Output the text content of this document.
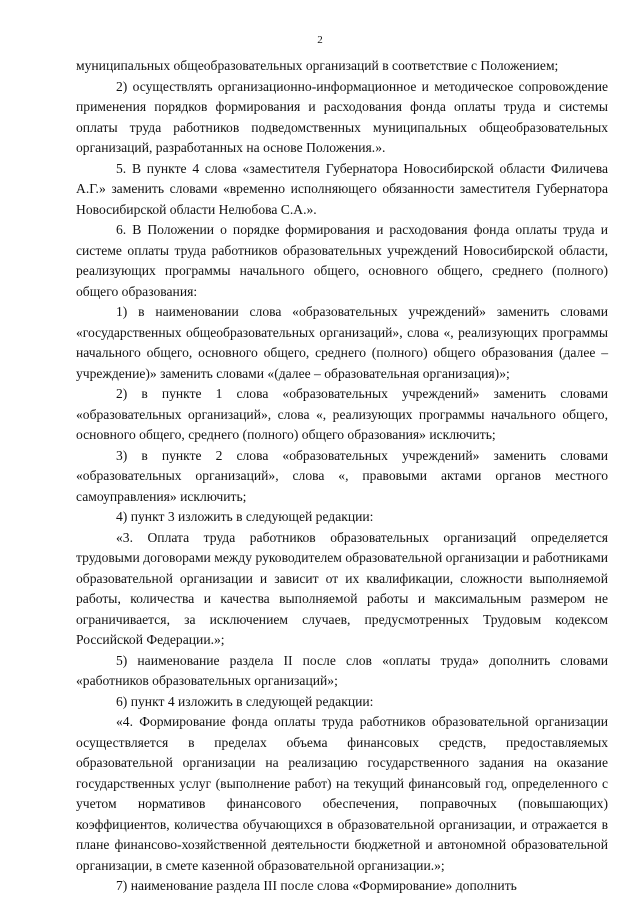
2

муниципальных общеобразовательных организаций в соответствие с Положением;

2) осуществлять организационно-информационное и методическое сопровождение применения порядков формирования и расходования фонда оплаты труда и системы оплаты труда работников подведомственных муниципальных общеобразовательных организаций, разработанных на основе Положения.».

5. В пункте 4 слова «заместителя Губернатора Новосибирской области Филичева А.Г.» заменить словами «временно исполняющего обязанности заместителя Губернатора Новосибирской области Нелюбова С.А.».

6. В Положении о порядке формирования и расходования фонда оплаты труда и системе оплаты труда работников образовательных учреждений Новосибирской области, реализующих программы начального общего, основного общего, среднего (полного) общего образования:

1) в наименовании слова «образовательных учреждений» заменить словами «государственных общеобразовательных организаций», слова «, реализующих программы начального общего, основного общего, среднего (полного) общего образования (далее – учреждение)» заменить словами «(далее – образовательная организация)»;

2) в пункте 1 слова «образовательных учреждений» заменить словами «образовательных организаций», слова «, реализующих программы начального общего, основного общего, среднего (полного) общего образования» исключить;

3) в пункте 2 слова «образовательных учреждений» заменить словами «образовательных организаций», слова «, правовыми актами органов местного самоуправления» исключить;

4) пункт 3 изложить в следующей редакции:

«3. Оплата труда работников образовательных организаций определяется трудовыми договорами между руководителем образовательной организации и работниками образовательной организации и зависит от их квалификации, сложности выполняемой работы, количества и качества выполняемой работы и максимальным размером не ограничивается, за исключением случаев, предусмотренных Трудовым кодексом Российской Федерации.»;

5) наименование раздела II после слов «оплаты труда» дополнить словами «работников образовательных организаций»;

6) пункт 4 изложить в следующей редакции:

«4. Формирование фонда оплаты труда работников образовательной организации осуществляется в пределах объема финансовых средств, предоставляемых образовательной организации на реализацию государственного задания на оказание государственных услуг (выполнение работ) на текущий финансовый год, определенного с учетом нормативов финансового обеспечения, поправочных (повышающих) коэффициентов, количества обучающихся в образовательной организации, и отражается в плане финансово-хозяйственной деятельности бюджетной и автономной образовательной организации, в смете казенной образовательной организации.»;

7) наименование раздела III после слова «Формирование» дополнить
